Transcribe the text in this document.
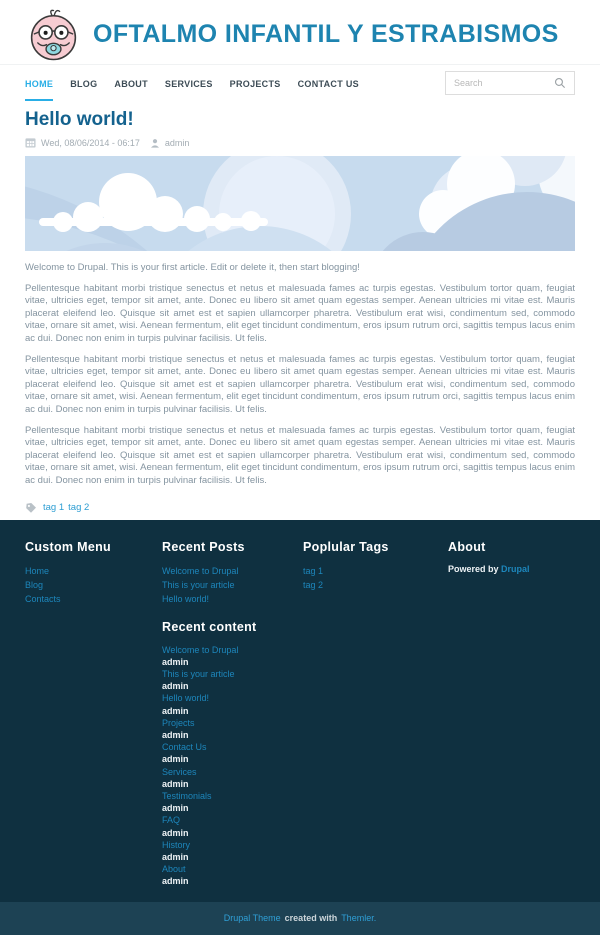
OFTALMO INFANTIL Y ESTRABISMOS
HOME BLOG ABOUT SERVICES PROJECTS CONTACT US
Search
Hello world!
Wed, 08/06/2014 - 06:17	admin

Welcome to Drupal. This is your first article. Edit or delete it, then start blogging!

Pellentesque habitant morbi tristique senectus et netus et malesuada fames ac turpis egestas. Vestibulum tortor quam, feugiat vitae, ultricies eget, tempor sit amet, ante. Donec eu libero sit amet quam egestas semper. Aenean ultricies mi vitae est. Mauris placerat eleifend leo. Quisque sit amet est et sapien ullamcorper pharetra. Vestibulum erat wisi, condimentum sed, commodo vitae, ornare sit amet, wisi. Aenean fermentum, elit eget tincidunt condimentum, eros ipsum rutrum orci, sagittis tempus lacus enim ac dui. Donec non enim in turpis pulvinar facilisis. Ut felis.

Pellentesque habitant morbi tristique senectus et netus et malesuada fames ac turpis egestas. Vestibulum tortor quam, feugiat vitae, ultricies eget, tempor sit amet, ante. Donec eu libero sit amet quam egestas semper. Aenean ultricies mi vitae est. Mauris placerat eleifend leo. Quisque sit amet est et sapien ullamcorper pharetra. Vestibulum erat wisi, condimentum sed, commodo vitae, ornare sit amet, wisi. Aenean fermentum, elit eget tincidunt condimentum, eros ipsum rutrum orci, sagittis tempus lacus enim ac dui. Donec non enim in turpis pulvinar facilisis. Ut felis.

Pellentesque habitant morbi tristique senectus et netus et malesuada fames ac turpis egestas. Vestibulum tortor quam, feugiat vitae, ultricies eget, tempor sit amet, ante. Donec eu libero sit amet quam egestas semper. Aenean ultricies mi vitae est. Mauris placerat eleifend leo. Quisque sit amet est et sapien ullamcorper pharetra. Vestibulum erat wisi, condimentum sed, commodo vitae, ornare sit amet, wisi. Aenean fermentum, elit eget tincidunt condimentum, eros ipsum rutrum orci, sagittis tempus lacus enim ac dui. Donec non enim in turpis pulvinar facilisis. Ut felis.

tag 1 tag 2
Custom Menu
Home
Blog
Contacts
Recent Posts
Welcome to Drupal
This is your article
Hello world!
Recent content
Welcome to Drupal
admin
This is your article
admin
Hello world!
admin
Projects
admin
Contact Us
admin
Services
admin
Testimonials
admin
FAQ
admin
History
admin
About
admin
Poplular Tags
tag 1
tag 2
About
Powered by Drupal
Drupal Theme created with Themler.
